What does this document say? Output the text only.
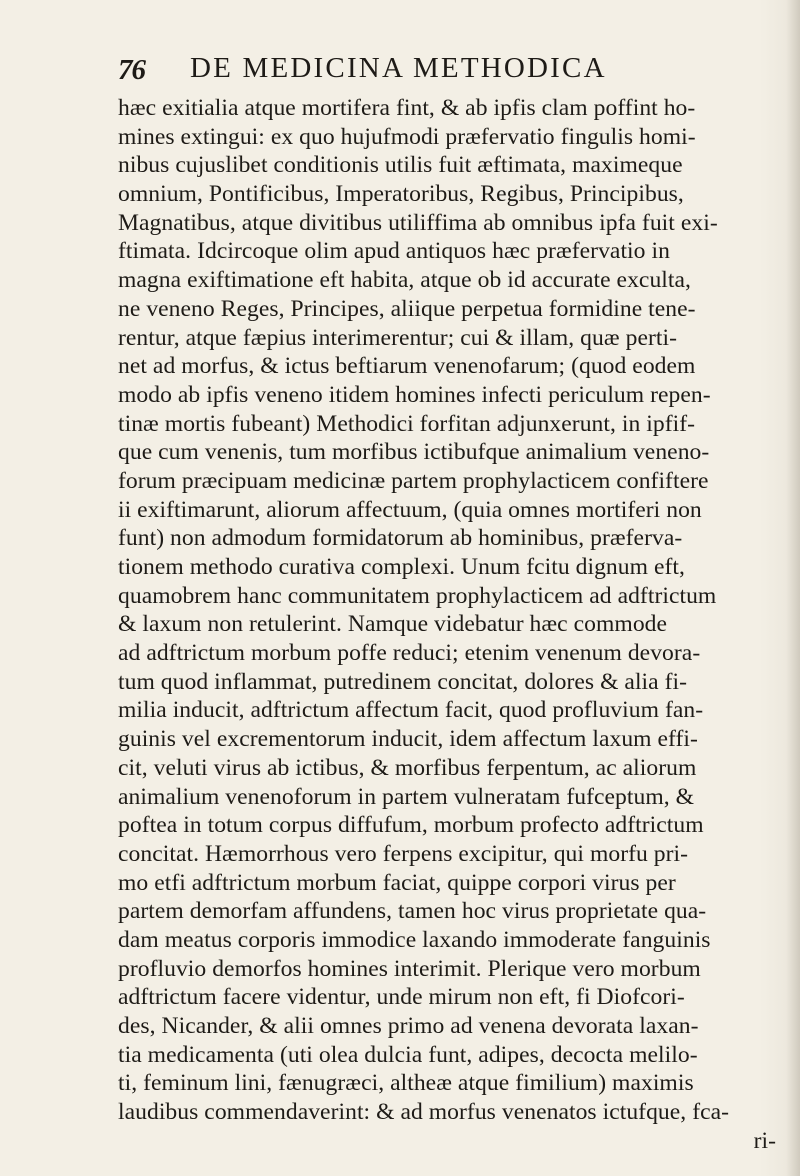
76 DE MEDICINA METHODICA
hæc exitialia atque mortifera fint, & ab ipfis clam poffint ho-
mines extingui: ex quo hujufmodi præfervatio fingulis homi-
nibus cujuslibet conditionis utilis fuit æftimata, maximeque
omnium, Pontificibus, Imperatoribus, Regibus, Principibus,
Magnatibus, atque divitibus utiliffima ab omnibus ipfa fuit exi-
ftimata. Idcircoque olim apud antiquos hæc præfervatio in
magna exiftimatione eft habita, atque ob id accurate exculta,
ne veneno Reges, Principes, aliique perpetua formidine tene-
rentur, atque fæpius interimerentur; cui & illam, quæ perti-
net ad morfus, & ictus beftiarum venenofarum; (quod eodem
modo ab ipfis veneno itidem homines infecti periculum repen-
tinæ mortis fubeant) Methodici forfitan adjunxerunt, in ipfif-
que cum venenis, tum morfibus ictibufque animalium veneno-
forum præcipuam medicinæ partem prophylacticem confiftere
ii exiftimarunt, aliorum affectuum, (quia omnes mortiferi non
funt) non admodum formidatorum ab hominibus, præferva-
tionem methodo curativa complexi. Unum fcitu dignum eft,
quamobrem hanc communitatem prophylacticem ad adftrictum
& laxum non retulerint. Namque videbatur hæc commode
ad adftrictum morbum poffe reduci; etenim venenum devora-
tum quod inflammat, putredinem concitat, dolores & alia fi-
milia inducit, adftrictum affectum facit, quod profluvium fan-
guinis vel excrementorum inducit, idem affectum laxum effi-
cit, veluti virus ab ictibus, & morfibus ferpentum, ac aliorum
animalium venenoforum in partem vulneratam fufceptum, &
poftea in totum corpus diffufum, morbum profecto adftrictum
concitat. Hæmorrhous vero ferpens excipitur, qui morfu pri-
mo etfi adftrictum morbum faciat, quippe corpori virus per
partem demorfam affundens, tamen hoc virus proprietate qua-
dam meatus corporis immodice laxando immoderate fanguinis
profluvio demorfos homines interimit. Plerique vero morbum
adftrictum facere videntur, unde mirum non eft, fi Diofcori-
des, Nicander, & alii omnes primo ad venena devorata laxan-
tia medicamenta (uti olea dulcia funt, adipes, decocta melilo-
ti, feminum lini, fænugræci, altheæ atque fimilium) maximis
laudibus commendaverint: & ad morfus venenatos ictufque, fca-
ri-
